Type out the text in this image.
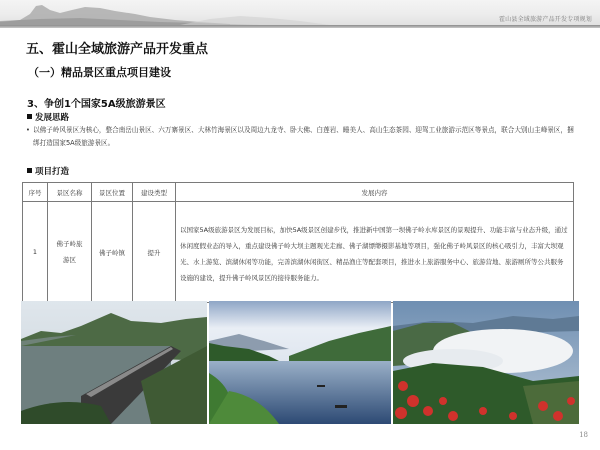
霍山县全域旅游产品开发专项规划
五、霍山全域旅游产品开发重点
（一）精品景区重点项目建设
3、争创1个国家5A级旅游景区
发展思路
• 以佛子岭风景区为核心，整合南岳山景区、六万寨景区、大林竹海景区以及周边九龙寺、卧大佛、白莲岩、睡美人、高山生态茶园、迎驾工业旅游示范区等景点，联合大别山主峰景区，捆绑打造国家5A级旅游景区。
项目打造
序号	景区名称	景区位置	建设类型	发展内容
1	佛子岭旅游区	佛子岭镇	提升	以国家5A级旅游景区为发展目标，加快5A级景区创建步伐，推进新中国第一坝佛子岭水库景区的景观提升、功能丰富与业态升级，通过休闲度假业态的导入，重点建设佛子岭大坝主题观光走廊、佛子湖缥缈摄影基地等项目，强化佛子岭风景区的核心吸引力，丰富大坝观光、水上游览、滨湖休闲等功能，完善滨湖休闲街区、精品渔庄等配套项目，推进水上旅游服务中心、旅游营地、旅游厕所等公共服务设施的建设，提升佛子岭风景区的接待服务能力。
18
